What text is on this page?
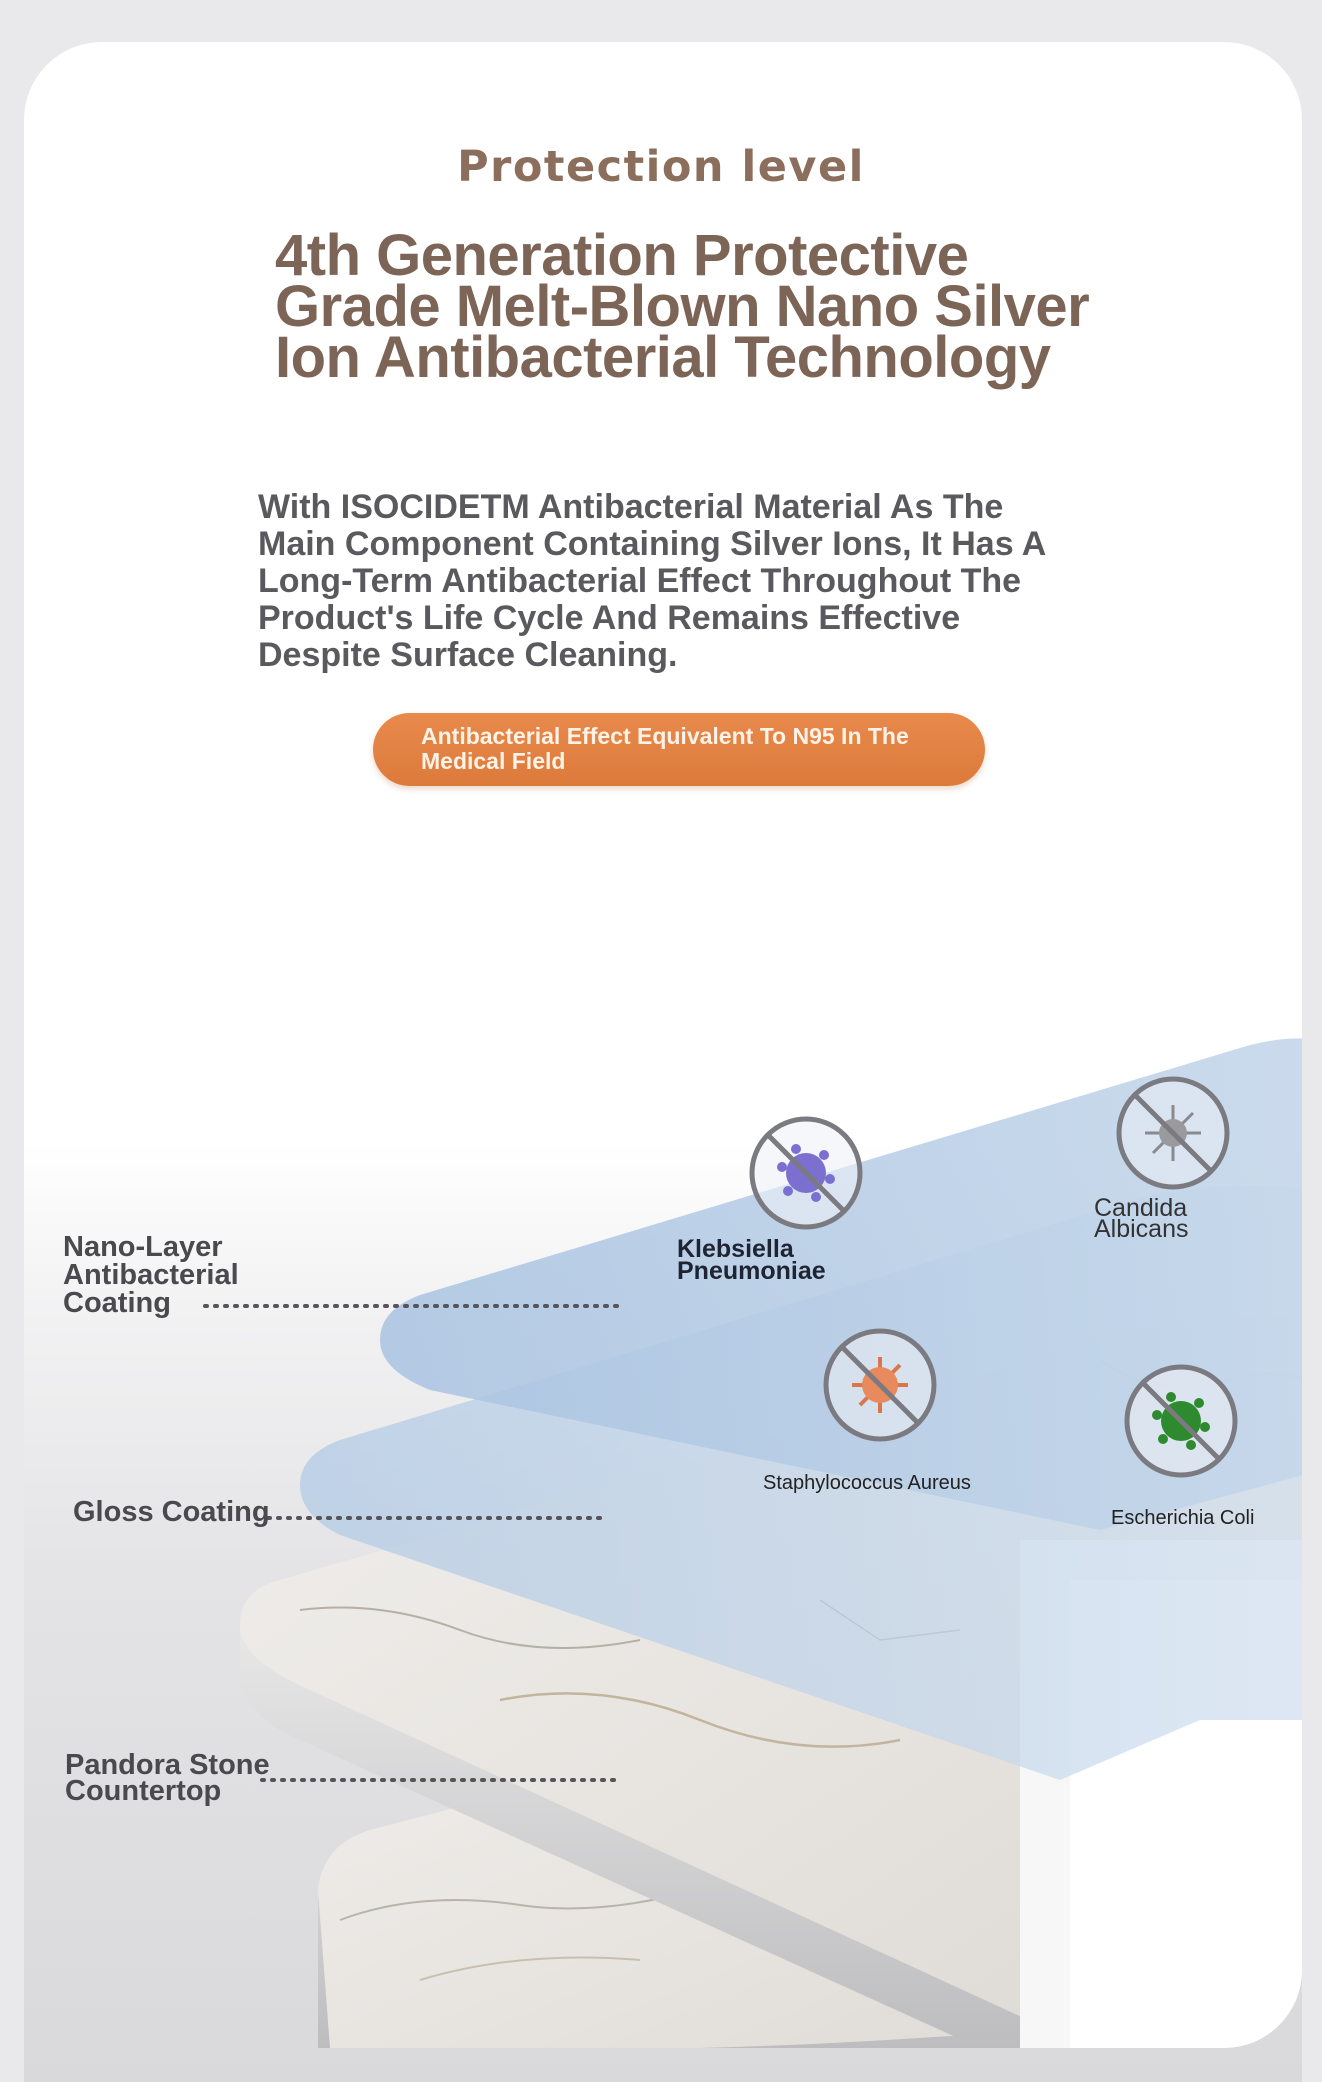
Protection level
4th Generation Protective
Grade Melt-Blown Nano Silver
Ion Antibacterial Technology
With ISOCIDETM Antibacterial Material As The
Main Component Containing Silver Ions, It Has A
Long-Term Antibacterial Effect Throughout The
Product's Life Cycle And Remains Effective
Despite Surface Cleaning.
Antibacterial Effect Equivalent To N95 In The
Medical Field
Nano-Layer
Antibacterial
Coating
Gloss Coating
Pandora Stone
Countertop
Klebsiella
Pneumoniae
Candida
Albicans
Staphylococcus Aureus
Escherichia Coli
